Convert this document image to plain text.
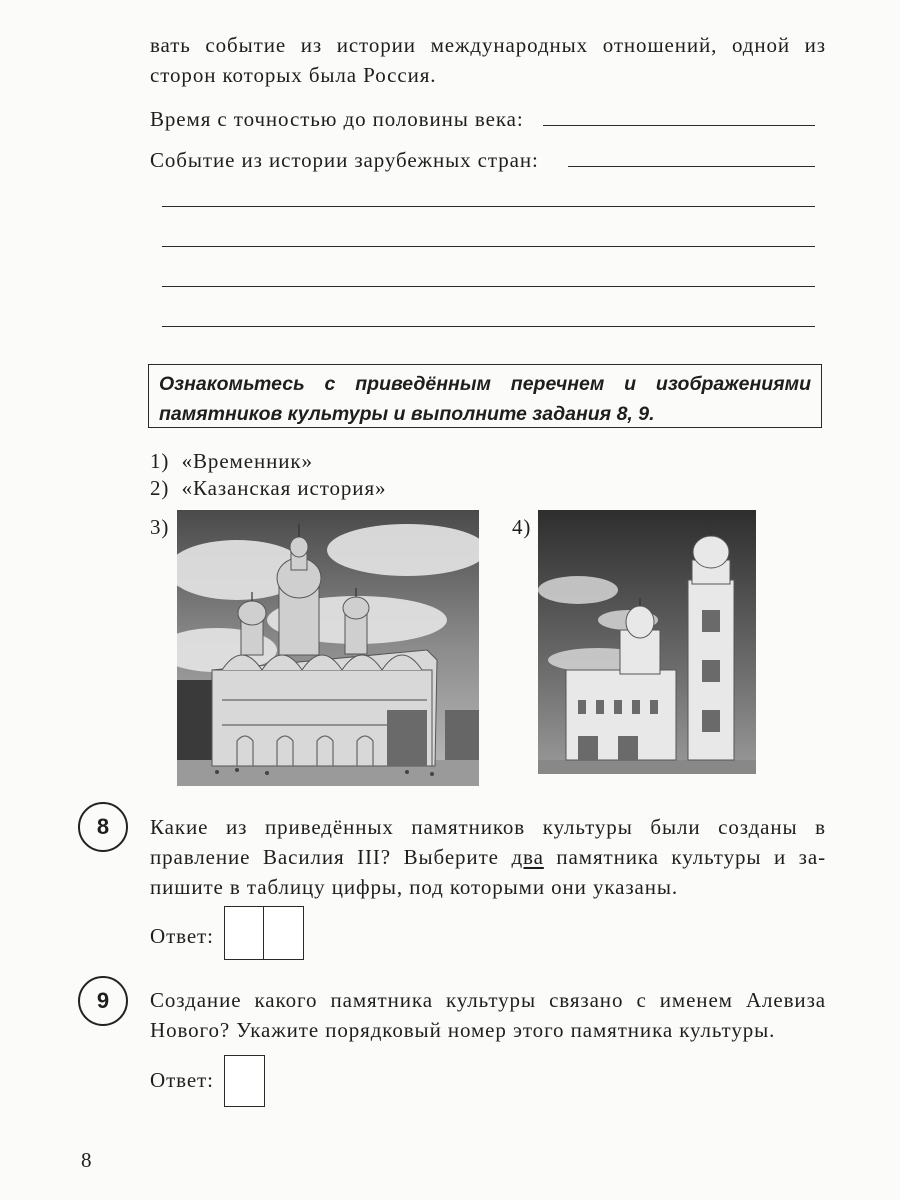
вать событие из истории международных отношений, одной из
сторон которых была Россия.
Время с точностью до половины века:
Событие из истории зарубежных стран:
Ознакомьтесь с приведённым перечнем и изображениями
памятников культуры и выполните задания 8, 9.
1) «Временник»
2) «Казанская история»
3)	4)
8	Какие из приведённых памятников культуры были созданы в
правление Василия III? Выберите два памятника культуры и за-
пишите в таблицу цифры, под которыми они указаны.
Ответ:
9	Создание какого памятника культуры связано с именем Алевиза
Нового? Укажите порядковый номер этого памятника культуры.
Ответ:
8
